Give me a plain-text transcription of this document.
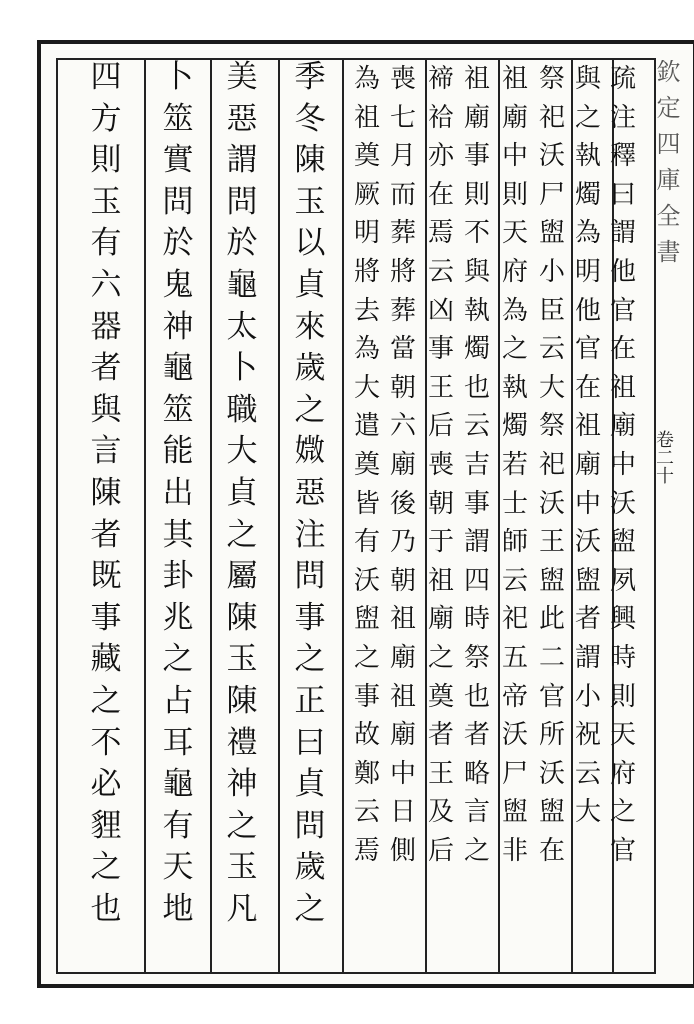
欽
定
四
庫
全
書
卷二十
疏
注
釋
曰
謂
他
官
在
祖
廟
中
沃
盥
夙
興
時
則
天
府
之
官
與
之
執
燭
為
明
他
官
在
祖
廟
中
沃
盥
者
謂
小
祝
云
大
祭
祀
沃
尸
盥
小
臣
云
大
祭
祀
沃
王
盥
此
二
官
所
沃
盥
在
祖
廟
中
則
天
府
為
之
執
燭
若
士
師
云
祀
五
帝
沃
尸
盥
非
祖
廟
事
則
不
與
執
燭
也
云
吉
事
謂
四
時
祭
也
者
略
言
之
禘
祫
亦
在
焉
云
凶
事
王
后
喪
朝
于
祖
廟
之
奠
者
王
及
后
喪
七
月
而
葬
將
葬
當
朝
六
廟
後
乃
朝
祖
廟
祖
廟
中
日
側
為
祖
奠
厥
明
將
去
為
大
遣
奠
皆
有
沃
盥
之
事
故
鄭
云
焉
季
冬
陳
玉
以
貞
來
歲
之
媺
惡
注
問
事
之
正
曰
貞
問
歲
之
美
惡
謂
問
於
龜
太
卜
職
大
貞
之
屬
陳
玉
陳
禮
神
之
玉
凡
卜
筮
實
問
於
鬼
神
龜
筮
能
出
其
卦
兆
之
占
耳
龜
有
天
地
四
方
則
玉
有
六
器
者
與
言
陳
者
既
事
藏
之
不
必
貍
之
也
